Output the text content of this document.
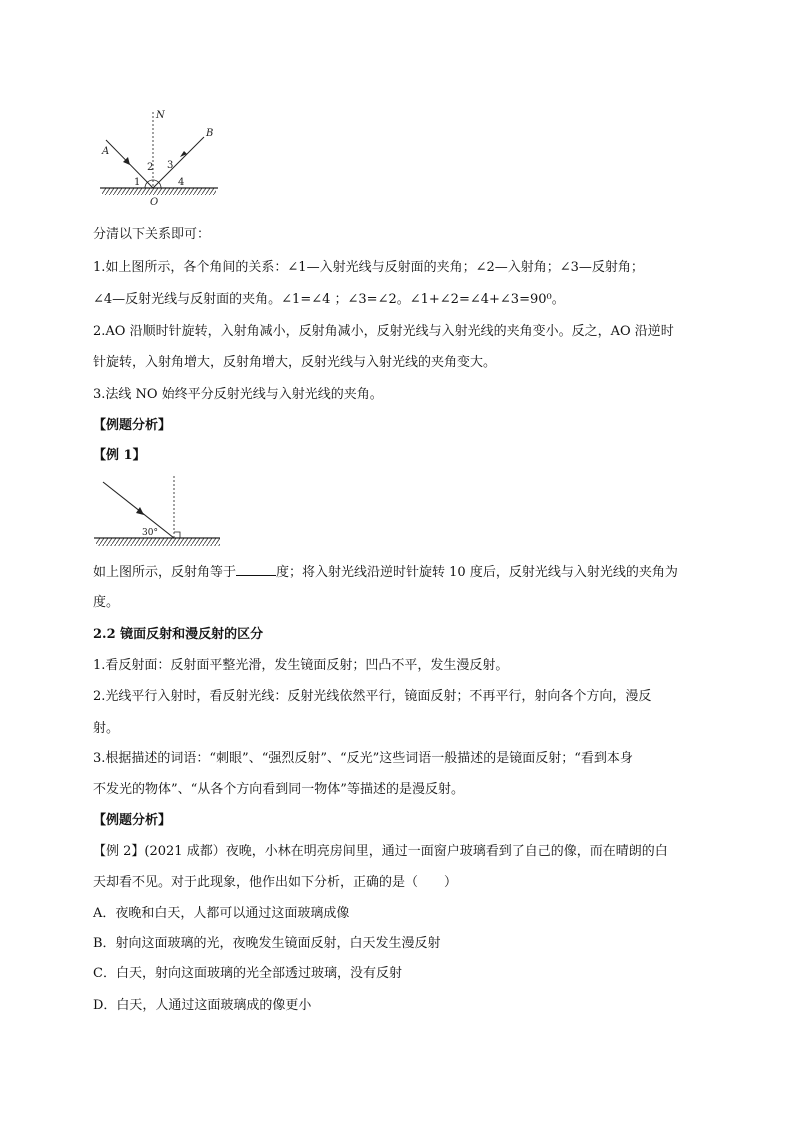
N
A
B
O
1
2 3
4
分清以下关系即可：
1.如上图所示，各个角间的关系：∠1—入射光线与反射面的夹角；∠2—入射角；∠3—反射角；
∠4—反射光线与反射面的夹角。∠1=∠4 ；∠3=∠2。∠1+∠2=∠4+∠3=90⁰。
2.AO 沿顺时针旋转，入射角减小，反射角减小，反射光线与入射光线的夹角变小。反之，AO 沿逆时
针旋转，入射角增大，反射角增大，反射光线与入射光线的夹角变大。
3.法线 NO 始终平分反射光线与入射光线的夹角。
【例题分析】
【例 1】
30°
如上图所示，反射角等于	度；将入射光线沿逆时针旋转 10 度后，反射光线与入射光线的夹角为
度。
2.2 镜面反射和漫反射的区分
1.看反射面：反射面平整光滑，发生镜面反射；凹凸不平，发生漫反射。
2.光线平行入射时，看反射光线：反射光线依然平行，镜面反射；不再平行，射向各个方向，漫反
射。
3.根据描述的词语：“刺眼”、“强烈反射”、“反光”这些词语一般描述的是镜面反射；“看到本身
不发光的物体”、“从各个方向看到同一物体”等描述的是漫反射。
【例题分析】
【例 2】(2021 成都）夜晚，小林在明亮房间里，通过一面窗户玻璃看到了自己的像，而在晴朗的白
天却看不见。对于此现象，他作出如下分析，正确的是（　　）
A．夜晚和白天，人都可以通过这面玻璃成像
B．射向这面玻璃的光，夜晚发生镜面反射，白天发生漫反射
C．白天，射向这面玻璃的光全部透过玻璃，没有反射
D．白天，人通过这面玻璃成的像更小
